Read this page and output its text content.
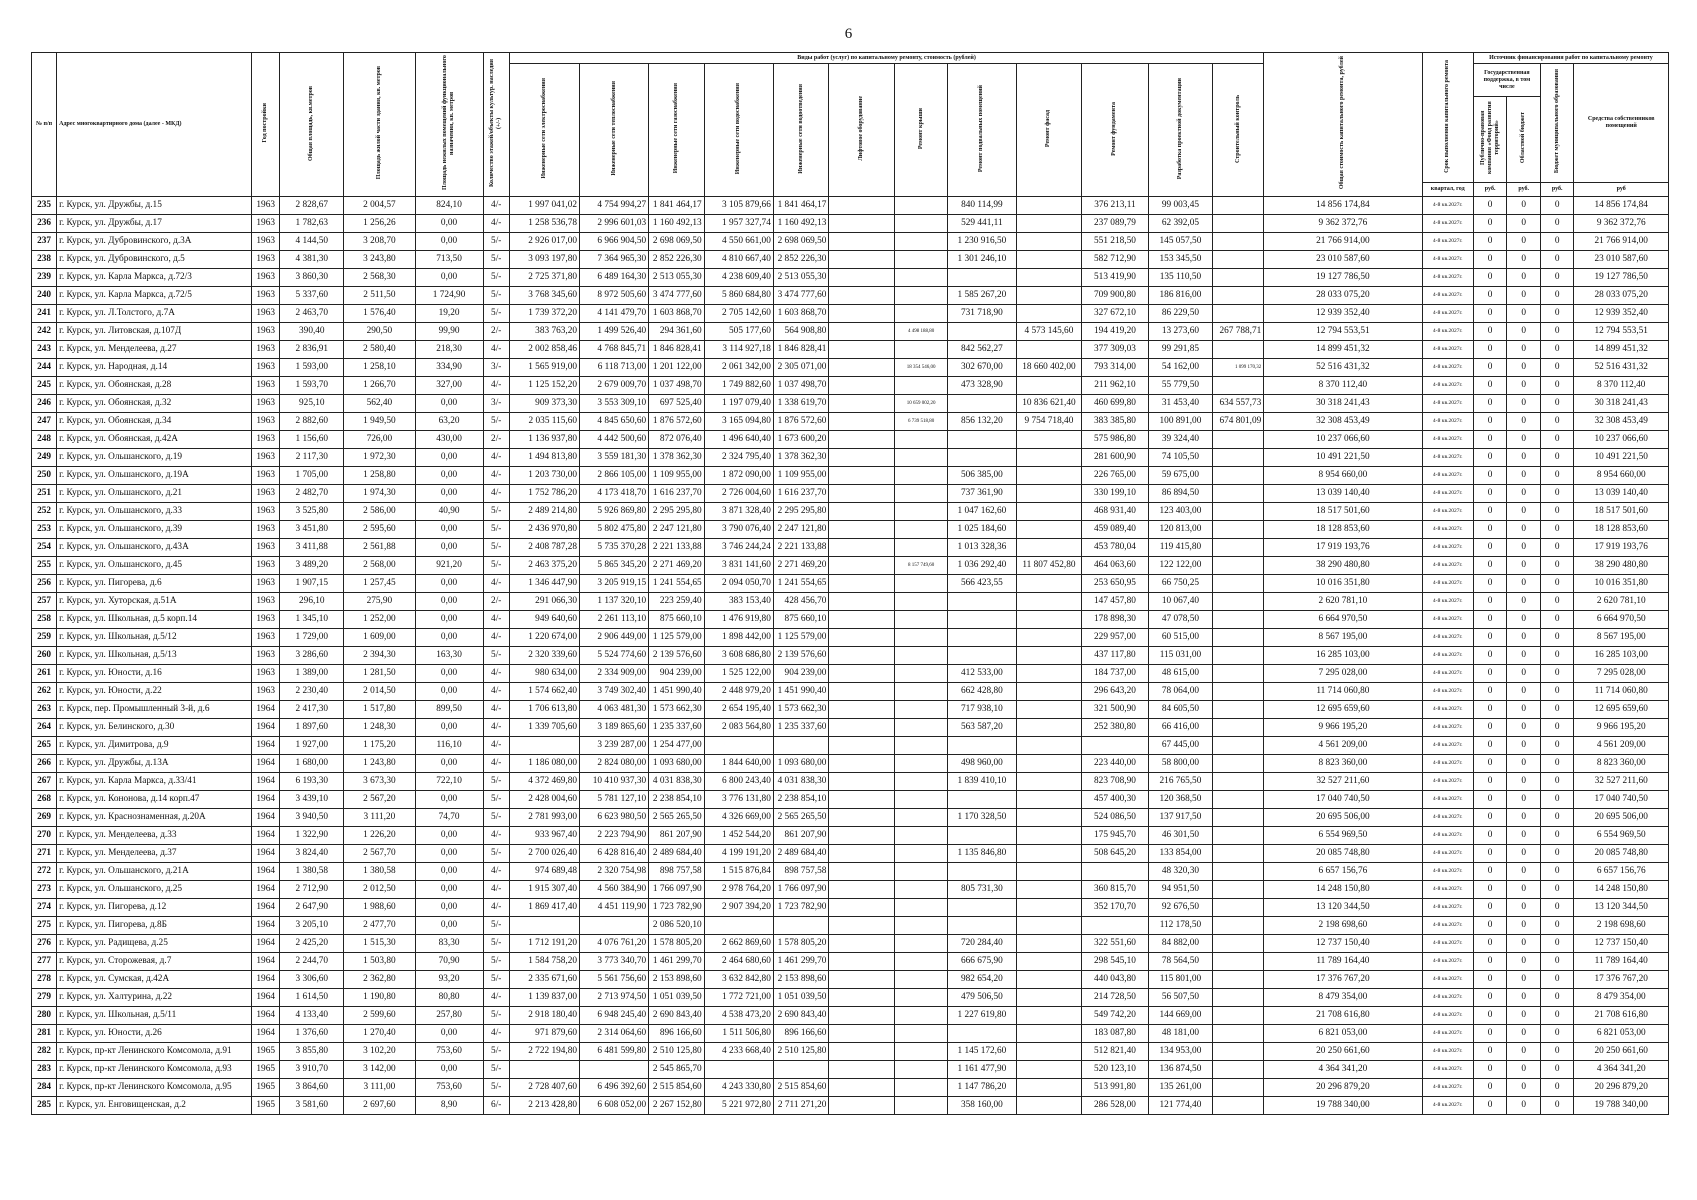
6
№ п/п	Адрес многоквартирного дома (далее - МКД)	Год постройки	Общая площадь, кв.метров	Площадь жилой части здания, кв. метров	Площадь нежилых помещений функционального назначения, кв. метров	Количество этажей/объекты культур. наследия (+/-)	Виды работ (услуг) по капитальному ремонту, стоимость (рублей)												Общая стоимость капитального ремонта, рублей	Срок выполнения капитального ремонта	Источник финансирования работ по капитальному ремонту			
							Инженерные сети электроснабжения	Инженерные сети теплоснабжения	Инженерные сети газоснабжения	Инженерные сети водоснабжения	Инженерные сети водоотведения	Лифтовое оборудование	Ремонт крыши	Ремонт подвальных помещений	Ремонт фасад	Ремонт фундамента	Разработка проектной документации	Строительный контроль			Государственная поддержка, в том числе		Бюджет муниципального образования	Средства собственников помещений
																					Публично-правовая компания «Фонд развития территорий»	Областной бюджет		
																				квартал, год	руб.	руб.	руб.	руб
235	г. Курск, ул. Дружбы, д.15	1963	2 828,67	2 004,57	824,10	4/-	1 997 041,02	4 754 994,27	1 841 464,17	3 105 879,66	1 841 464,17			840 114,99		376 213,11	99 003,45		14 856 174,84	4-й кв.2027г.	0	0	0	14 856 174,84
236	г. Курск, ул. Дружбы, д.17	1963	1 782,63	1 256,26	0,00	4/-	1 258 536,78	2 996 601,03	1 160 492,13	1 957 327,74	1 160 492,13			529 441,11		237 089,79	62 392,05		9 362 372,76	4-й кв.2027г.	0	0	0	9 362 372,76
237	г. Курск, ул. Дубровинского, д.3А	1963	4 144,50	3 208,70	0,00	5/-	2 926 017,00	6 966 904,50	2 698 069,50	4 550 661,00	2 698 069,50			1 230 916,50		551 218,50	145 057,50		21 766 914,00	4-й кв.2027г.	0	0	0	21 766 914,00
238	г. Курск, ул. Дубровинского, д.5	1963	4 381,30	3 243,80	713,50	5/-	3 093 197,80	7 364 965,30	2 852 226,30	4 810 667,40	2 852 226,30			1 301 246,10		582 712,90	153 345,50		23 010 587,60	4-й кв.2027г.	0	0	0	23 010 587,60
239	г. Курск, ул. Карла Маркса, д.72/3	1963	3 860,30	2 568,30	0,00	5/-	2 725 371,80	6 489 164,30	2 513 055,30	4 238 609,40	2 513 055,30					513 419,90	135 110,50		19 127 786,50	4-й кв.2027г.	0	0	0	19 127 786,50
240	г. Курск, ул. Карла Маркса, д.72/5	1963	5 337,60	2 511,50	1 724,90	5/-	3 768 345,60	8 972 505,60	3 474 777,60	5 860 684,80	3 474 777,60			1 585 267,20		709 900,80	186 816,00		28 033 075,20	4-й кв.2027г.	0	0	0	28 033 075,20
241	г. Курск, ул. Л.Толстого, д.7А	1963	2 463,70	1 576,40	19,20	5/-	1 739 372,20	4 141 479,70	1 603 868,70	2 705 142,60	1 603 868,70			731 718,90		327 672,10	86 229,50		12 939 352,40	4-й кв.2027г.	0	0	0	12 939 352,40
242	г. Курск, ул. Литовская, д.107Д	1963	390,40	290,50	99,90	2/-	383 763,20	1 499 526,40	294 361,60	505 177,60	564 908,80		4 498 188,80		4 573 145,60	194 419,20	13 273,60	267 788,71	12 794 553,51	4-й кв.2027г.	0	0	0	12 794 553,51
243	г. Курск, ул. Менделеева, д.27	1963	2 836,91	2 580,40	218,30	4/-	2 002 858,46	4 768 845,71	1 846 828,41	3 114 927,18	1 846 828,41			842 562,27		377 309,03	99 291,85		14 899 451,32	4-й кв.2027г.	0	0	0	14 899 451,32
244	г. Курск, ул. Народная, д.14	1963	1 593,00	1 258,10	334,90	3/-	1 565 919,00	6 118 713,00	1 201 122,00	2 061 342,00	2 305 071,00		18 354 546,00	302 670,00	18 660 402,00	793 314,00	54 162,00	1 099 170,32	52 516 431,32	4-й кв.2027г.	0	0	0	52 516 431,32
245	г. Курск, ул. Обоянская, д.28	1963	1 593,70	1 266,70	327,00	4/-	1 125 152,20	2 679 009,70	1 037 498,70	1 749 882,60	1 037 498,70			473 328,90		211 962,10	55 779,50		8 370 112,40	4-й кв.2027г.	0	0	0	8 370 112,40
246	г. Курск, ул. Обоянская, д.32	1963	925,10	562,40	0,00	3/-	909 373,30	3 553 309,10	697 525,40	1 197 079,40	1 338 619,70		10 659 002,20		10 836 621,40	460 699,80	31 453,40	634 557,73	30 318 241,43	4-й кв.2027г.	0	0	0	30 318 241,43
247	г. Курск, ул. Обоянская, д.34	1963	2 882,60	1 949,50	63,20	5/-	2 035 115,60	4 845 650,60	1 876 572,60	3 165 094,80	1 876 572,60		6 739 518,80	856 132,20	9 754 718,40	383 385,80	100 891,00	674 801,09	32 308 453,49	4-й кв.2027г.	0	0	0	32 308 453,49
248	г. Курск, ул. Обоянская, д.42А	1963	1 156,60	726,00	430,00	2/-	1 136 937,80	4 442 500,60	872 076,40	1 496 640,40	1 673 600,20					575 986,80	39 324,40		10 237 066,60	4-й кв.2027г.	0	0	0	10 237 066,60
249	г. Курск, ул. Ольшанского, д.19	1963	2 117,30	1 972,30	0,00	4/-	1 494 813,80	3 559 181,30	1 378 362,30	2 324 795,40	1 378 362,30					281 600,90	74 105,50		10 491 221,50	4-й кв.2027г.	0	0	0	10 491 221,50
250	г. Курск, ул. Ольшанского, д.19А	1963	1 705,00	1 258,80	0,00	4/-	1 203 730,00	2 866 105,00	1 109 955,00	1 872 090,00	1 109 955,00			506 385,00		226 765,00	59 675,00		8 954 660,00	4-й кв.2027г.	0	0	0	8 954 660,00
251	г. Курск, ул. Ольшанского, д.21	1963	2 482,70	1 974,30	0,00	4/-	1 752 786,20	4 173 418,70	1 616 237,70	2 726 004,60	1 616 237,70			737 361,90		330 199,10	86 894,50		13 039 140,40	4-й кв.2027г.	0	0	0	13 039 140,40
252	г. Курск, ул. Ольшанского, д.33	1963	3 525,80	2 586,00	40,90	5/-	2 489 214,80	5 926 869,80	2 295 295,80	3 871 328,40	2 295 295,80			1 047 162,60		468 931,40	123 403,00		18 517 501,60	4-й кв.2027г.	0	0	0	18 517 501,60
253	г. Курск, ул. Ольшанского, д.39	1963	3 451,80	2 595,60	0,00	5/-	2 436 970,80	5 802 475,80	2 247 121,80	3 790 076,40	2 247 121,80			1 025 184,60		459 089,40	120 813,00		18 128 853,60	4-й кв.2027г.	0	0	0	18 128 853,60
254	г. Курск, ул. Ольшанского, д.43А	1963	3 411,88	2 561,88	0,00	5/-	2 408 787,28	5 735 370,28	2 221 133,88	3 746 244,24	2 221 133,88			1 013 328,36		453 780,04	119 415,80		17 919 193,76	4-й кв.2027г.	0	0	0	17 919 193,76
255	г. Курск, ул. Ольшанского, д.45	1963	3 489,20	2 568,00	921,20	5/-	2 463 375,20	5 865 345,20	2 271 469,20	3 831 141,60	2 271 469,20		8 157 749,60	1 036 292,40	11 807 452,80	464 063,60	122 122,00		38 290 480,80	4-й кв.2027г.	0	0	0	38 290 480,80
256	г. Курск, ул. Пигорева, д.6	1963	1 907,15	1 257,45	0,00	4/-	1 346 447,90	3 205 919,15	1 241 554,65	2 094 050,70	1 241 554,65			566 423,55		253 650,95	66 750,25		10 016 351,80	4-й кв.2027г.	0	0	0	10 016 351,80
257	г. Курск, ул. Хуторская, д.51А	1963	296,10	275,90	0,00	2/-	291 066,30	1 137 320,10	223 259,40	383 153,40	428 456,70					147 457,80	10 067,40		2 620 781,10	4-й кв.2027г.	0	0	0	2 620 781,10
258	г. Курск, ул. Школьная, д.5 корп.14	1963	1 345,10	1 252,00	0,00	4/-	949 640,60	2 261 113,10	875 660,10	1 476 919,80	875 660,10					178 898,30	47 078,50		6 664 970,50	4-й кв.2027г.	0	0	0	6 664 970,50
259	г. Курск, ул. Школьная, д.5/12	1963	1 729,00	1 609,00	0,00	4/-	1 220 674,00	2 906 449,00	1 125 579,00	1 898 442,00	1 125 579,00					229 957,00	60 515,00		8 567 195,00	4-й кв.2027г.	0	0	0	8 567 195,00
260	г. Курск, ул. Школьная, д.5/13	1963	3 286,60	2 394,30	163,30	5/-	2 320 339,60	5 524 774,60	2 139 576,60	3 608 686,80	2 139 576,60					437 117,80	115 031,00		16 285 103,00	4-й кв.2027г.	0	0	0	16 285 103,00
261	г. Курск, ул. Юности, д.16	1963	1 389,00	1 281,50	0,00	4/-	980 634,00	2 334 909,00	904 239,00	1 525 122,00	904 239,00			412 533,00		184 737,00	48 615,00		7 295 028,00	4-й кв.2027г.	0	0	0	7 295 028,00
262	г. Курск, ул. Юности, д.22	1963	2 230,40	2 014,50	0,00	4/-	1 574 662,40	3 749 302,40	1 451 990,40	2 448 979,20	1 451 990,40			662 428,80		296 643,20	78 064,00		11 714 060,80	4-й кв.2027г.	0	0	0	11 714 060,80
263	г. Курск, пер. Промышленный 3-й, д.6	1964	2 417,30	1 517,80	899,50	4/-	1 706 613,80	4 063 481,30	1 573 662,30	2 654 195,40	1 573 662,30			717 938,10		321 500,90	84 605,50		12 695 659,60	4-й кв.2027г.	0	0	0	12 695 659,60
264	г. Курск, ул. Белинского, д.30	1964	1 897,60	1 248,30	0,00	4/-	1 339 705,60	3 189 865,60	1 235 337,60	2 083 564,80	1 235 337,60			563 587,20		252 380,80	66 416,00		9 966 195,20	4-й кв.2027г.	0	0	0	9 966 195,20
265	г. Курск, ул. Димитрова, д.9	1964	1 927,00	1 175,20	116,10	4/-		3 239 287,00	1 254 477,00								67 445,00		4 561 209,00	4-й кв.2027г.	0	0	0	4 561 209,00
266	г. Курск, ул. Дружбы, д.13А	1964	1 680,00	1 243,80	0,00	4/-	1 186 080,00	2 824 080,00	1 093 680,00	1 844 640,00	1 093 680,00			498 960,00		223 440,00	58 800,00		8 823 360,00	4-й кв.2027г.	0	0	0	8 823 360,00
267	г. Курск, ул. Карла Маркса, д.33/41	1964	6 193,30	3 673,30	722,10	5/-	4 372 469,80	10 410 937,30	4 031 838,30	6 800 243,40	4 031 838,30			1 839 410,10		823 708,90	216 765,50		32 527 211,60	4-й кв.2027г.	0	0	0	32 527 211,60
268	г. Курск, ул. Кононова, д.14 корп.47	1964	3 439,10	2 567,20	0,00	5/-	2 428 004,60	5 781 127,10	2 238 854,10	3 776 131,80	2 238 854,10					457 400,30	120 368,50		17 040 740,50	4-й кв.2027г.	0	0	0	17 040 740,50
269	г. Курск, ул. Краснознаменная, д.20А	1964	3 940,50	3 111,20	74,70	5/-	2 781 993,00	6 623 980,50	2 565 265,50	4 326 669,00	2 565 265,50			1 170 328,50		524 086,50	137 917,50		20 695 506,00	4-й кв.2027г.	0	0	0	20 695 506,00
270	г. Курск, ул. Менделеева, д.33	1964	1 322,90	1 226,20	0,00	4/-	933 967,40	2 223 794,90	861 207,90	1 452 544,20	861 207,90					175 945,70	46 301,50		6 554 969,50	4-й кв.2027г.	0	0	0	6 554 969,50
271	г. Курск, ул. Менделеева, д.37	1964	3 824,40	2 567,70	0,00	5/-	2 700 026,40	6 428 816,40	2 489 684,40	4 199 191,20	2 489 684,40			1 135 846,80		508 645,20	133 854,00		20 085 748,80	4-й кв.2027г.	0	0	0	20 085 748,80
272	г. Курск, ул. Ольшанского, д.21А	1964	1 380,58	1 380,58	0,00	4/-	974 689,48	2 320 754,98	898 757,58	1 515 876,84	898 757,58						48 320,30		6 657 156,76	4-й кв.2027г.	0	0	0	6 657 156,76
273	г. Курск, ул. Ольшанского, д.25	1964	2 712,90	2 012,50	0,00	4/-	1 915 307,40	4 560 384,90	1 766 097,90	2 978 764,20	1 766 097,90			805 731,30		360 815,70	94 951,50		14 248 150,80	4-й кв.2027г.	0	0	0	14 248 150,80
274	г. Курск, ул. Пигорева, д.12	1964	2 647,90	1 988,60	0,00	4/-	1 869 417,40	4 451 119,90	1 723 782,90	2 907 394,20	1 723 782,90					352 170,70	92 676,50		13 120 344,50	4-й кв.2027г.	0	0	0	13 120 344,50
275	г. Курск, ул. Пигорева, д.8Б	1964	3 205,10	2 477,70	0,00	5/-			2 086 520,10								112 178,50		2 198 698,60	4-й кв.2027г.	0	0	0	2 198 698,60
276	г. Курск, ул. Радищева, д.25	1964	2 425,20	1 515,30	83,30	5/-	1 712 191,20	4 076 761,20	1 578 805,20	2 662 869,60	1 578 805,20			720 284,40		322 551,60	84 882,00		12 737 150,40	4-й кв.2027г.	0	0	0	12 737 150,40
277	г. Курск, ул. Сторожевая, д.7	1964	2 244,70	1 503,80	70,90	5/-	1 584 758,20	3 773 340,70	1 461 299,70	2 464 680,60	1 461 299,70			666 675,90		298 545,10	78 564,50		11 789 164,40	4-й кв.2027г.	0	0	0	11 789 164,40
278	г. Курск, ул. Сумская, д.42А	1964	3 306,60	2 362,80	93,20	5/-	2 335 671,60	5 561 756,60	2 153 898,60	3 632 842,80	2 153 898,60			982 654,20		440 043,80	115 801,00		17 376 767,20	4-й кв.2027г.	0	0	0	17 376 767,20
279	г. Курск, ул. Халтурина, д.22	1964	1 614,50	1 190,80	80,80	4/-	1 139 837,00	2 713 974,50	1 051 039,50	1 772 721,00	1 051 039,50			479 506,50		214 728,50	56 507,50		8 479 354,00	4-й кв.2027г.	0	0	0	8 479 354,00
280	г. Курск, ул. Школьная, д.5/11	1964	4 133,40	2 599,60	257,80	5/-	2 918 180,40	6 948 245,40	2 690 843,40	4 538 473,20	2 690 843,40			1 227 619,80		549 742,20	144 669,00		21 708 616,80	4-й кв.2027г.	0	0	0	21 708 616,80
281	г. Курск, ул. Юности, д.26	1964	1 376,60	1 270,40	0,00	4/-	971 879,60	2 314 064,60	896 166,60	1 511 506,80	896 166,60					183 087,80	48 181,00		6 821 053,00	4-й кв.2027г.	0	0	0	6 821 053,00
282	г. Курск, пр-кт Ленинского Комсомола, д.91	1965	3 855,80	3 102,20	753,60	5/-	2 722 194,80	6 481 599,80	2 510 125,80	4 233 668,40	2 510 125,80			1 145 172,60		512 821,40	134 953,00		20 250 661,60	4-й кв.2027г.	0	0	0	20 250 661,60
283	г. Курск, пр-кт Ленинского Комсомола, д.93	1965	3 910,70	3 142,00	0,00	5/-			2 545 865,70					1 161 477,90		520 123,10	136 874,50		4 364 341,20	4-й кв.2027г.	0	0	0	4 364 341,20
284	г. Курск, пр-кт Ленинского Комсомола, д.95	1965	3 864,60	3 111,00	753,60	5/-	2 728 407,60	6 496 392,60	2 515 854,60	4 243 330,80	2 515 854,60			1 147 786,20		513 991,80	135 261,00		20 296 879,20	4-й кв.2027г.	0	0	0	20 296 879,20
285	г. Курск, ул. Енговищенская, д.2	1965	3 581,60	2 697,60	8,90	6/-	2 213 428,80	6 608 052,00	2 267 152,80	5 221 972,80	2 711 271,20			358 160,00		286 528,00	121 774,40		19 788 340,00	4-й кв.2027г.	0	0	0	19 788 340,00
